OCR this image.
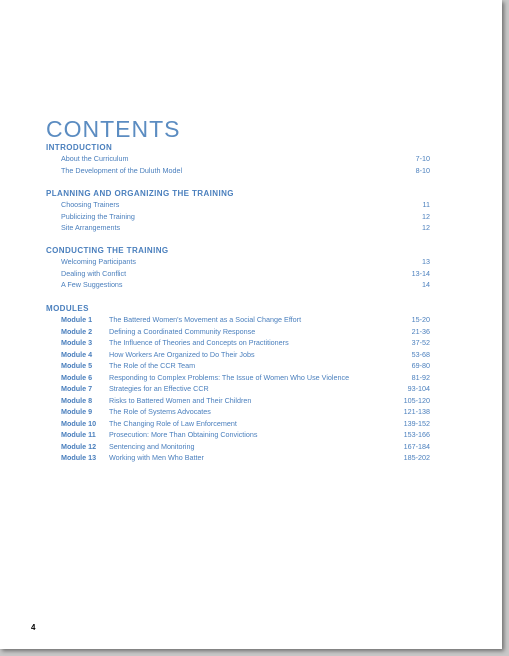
CONTENTS
INTRODUCTION
About the Curriculum	7-10
The Development of the Duluth Model	8-10
PLANNING AND ORGANIZING THE TRAINING
Choosing Trainers	11
Publicizing the Training	12
Site Arrangements	12
CONDUCTING THE TRAINING
Welcoming Participants	13
Dealing with Conflict	13-14
A Few Suggestions	14
MODULES
Module 1 The Battered Women's Movement as a Social Change Effort	15-20
Module 2 Defining a Coordinated Community Response	21-36
Module 3 The Influence of Theories and Concepts on Practitioners	37-52
Module 4 How Workers Are Organized to Do Their Jobs	53-68
Module 5 The Role of the CCR Team	69-80
Module 6 Responding to Complex Problems: The Issue of Women Who Use Violence	81-92
Module 7 Strategies for an Effective CCR	93-104
Module 8 Risks to Battered Women and Their Children	105-120
Module 9 The Role of Systems Advocates	121-138
Module 10 The Changing Role of Law Enforcement	139-152
Module 11 Prosecution: More Than Obtaining Convictions	153-166
Module 12 Sentencing and Monitoring	167-184
Module 13 Working with Men Who Batter	185-202
4
